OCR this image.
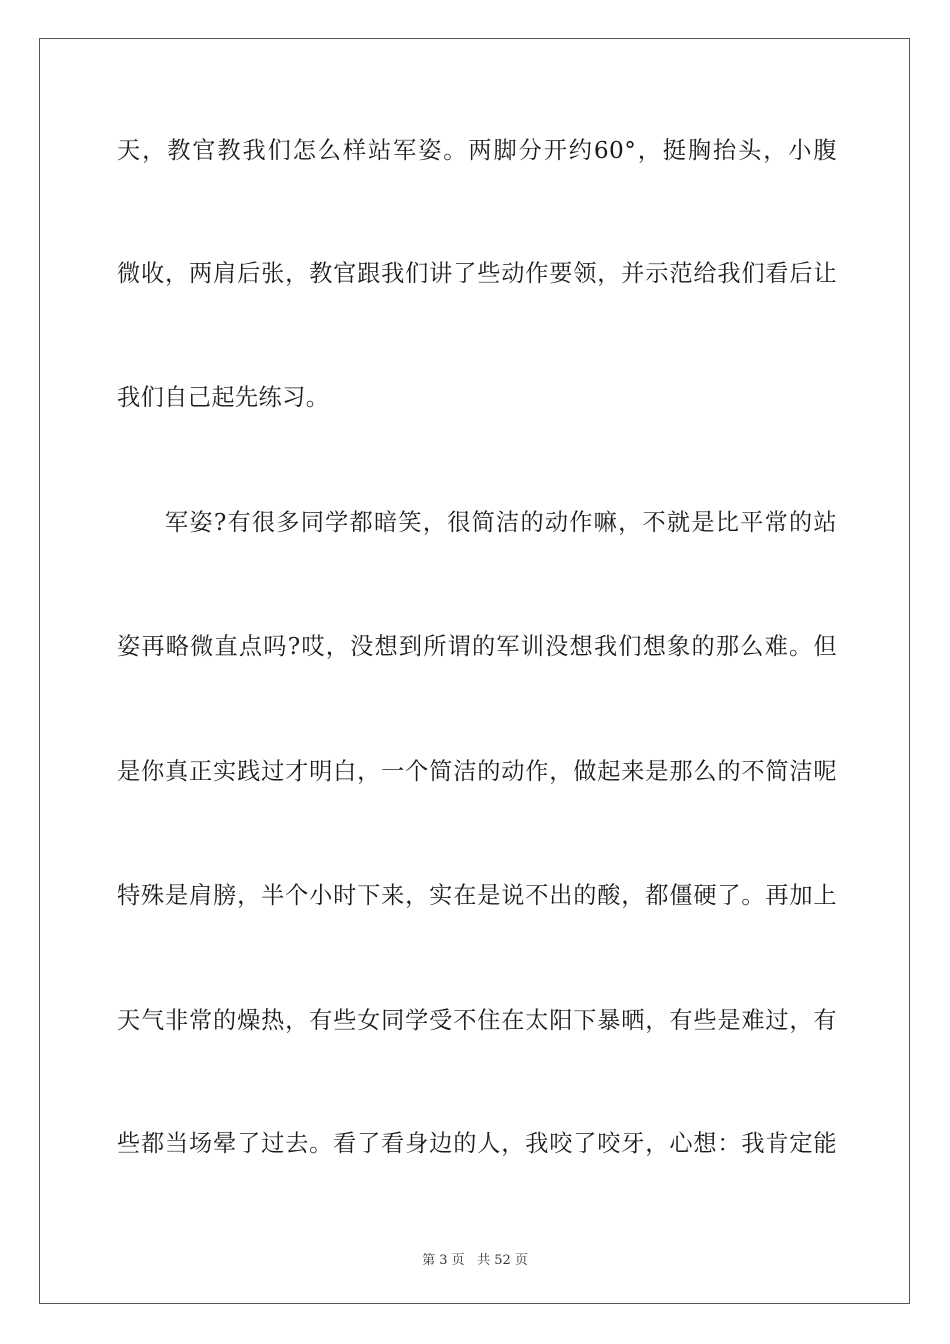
天，教官教我们怎么样站军姿。两脚分开约60°，挺胸抬头，小腹
微收，两肩后张，教官跟我们讲了些动作要领，并示范给我们看后让
我们自己起先练习。
军姿?有很多同学都暗笑，很简洁的动作嘛，不就是比平常的站
姿再略微直点吗?哎，没想到所谓的军训没想我们想象的那么难。但
是你真正实践过才明白，一个简洁的动作，做起来是那么的不简洁呢
特殊是肩膀，半个小时下来，实在是说不出的酸，都僵硬了。再加上
天气非常的燥热，有些女同学受不住在太阳下暴晒，有些是难过，有
些都当场晕了过去。看了看身边的人，我咬了咬牙，心想：我肯定能
第 3 页 共 52 页
